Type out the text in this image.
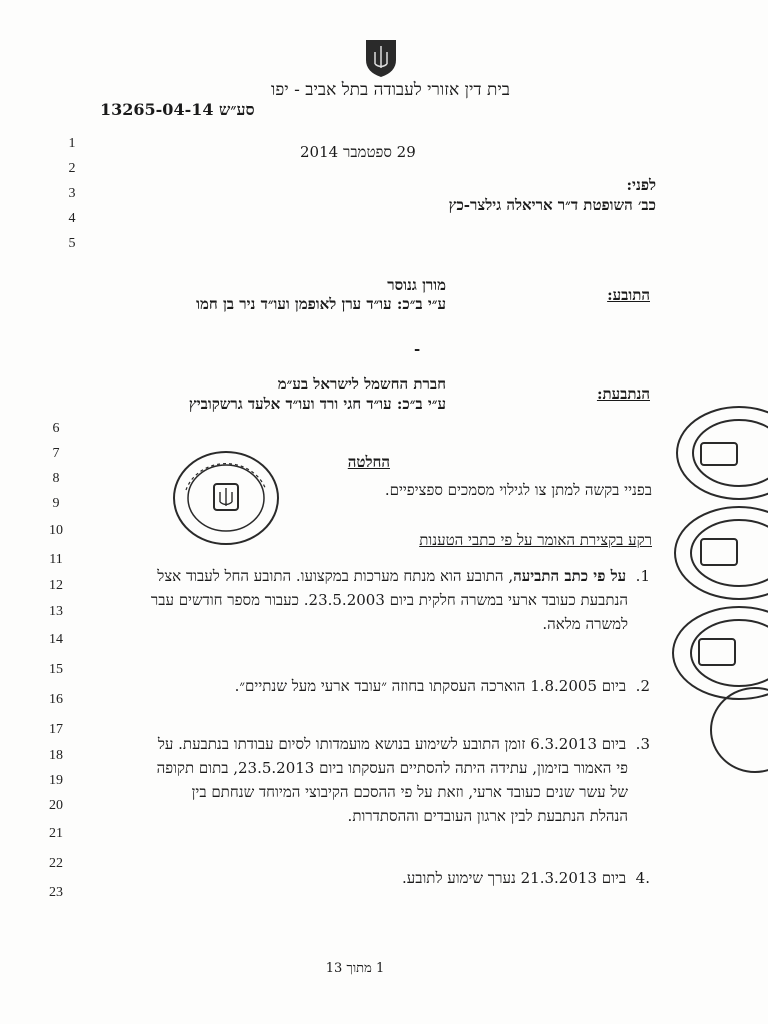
בית דין אזורי לעבודה בתל אביב - יפו
סע״ש 13265-04-14
29 ספטמבר 2014
1
2
3
4
5
לפני:
כב׳ השופטת ד״ר אריאלה גילצר-כץ
התובע:
מורן גנוסר
ע״י ב״כ: עו״ד ערן לאופמן ועו״ד ניר בן חמו
-
הנתבעת:
חברת החשמל לישראל בע״מ
ע״י ב״כ: עו״ד חגי ורד ועו״ד אלעד גרשקוביץ
6
7
8
9
10
11
12
13
14
15
16
17
18
19
20
21
22
23
החלטה
בפניי בקשה למתן צו לגילוי מסמכים ספציפיים.
רקע בקצירת האומר על פי כתבי הטענות
1.  על פי כתב התביעה, התובע הוא מנתח מערכות במקצועו. התובע החל לעבוד אצל
הנתבעת כעובד ארעי במשרה חלקית ביום 23.5.2003. כעבור מספר חודשים עבר
למשרה מלאה.
2.  ביום 1.8.2005 הוארכה העסקתו בחוזה ״עובד ארעי מעל שנתיים״.
3.  ביום 6.3.2013 זומן התובע לשימוע בנושא מועמדותו לסיום עבודתו בנתבעת. על
פי האמור בזימון, עתידה היתה להסתיים העסקתו ביום 23.5.2013, בתום תקופה
של עשר שנים כעובד ארעי, וזאת על פי ההסכם הקיבוצי המיוחד שנחתם בין
הנהלת הנתבעת לבין ארגון העובדים וההסתדרות.
.4  ביום 21.3.2013 נערך שימוע לתובע.
1 מתוך 13
